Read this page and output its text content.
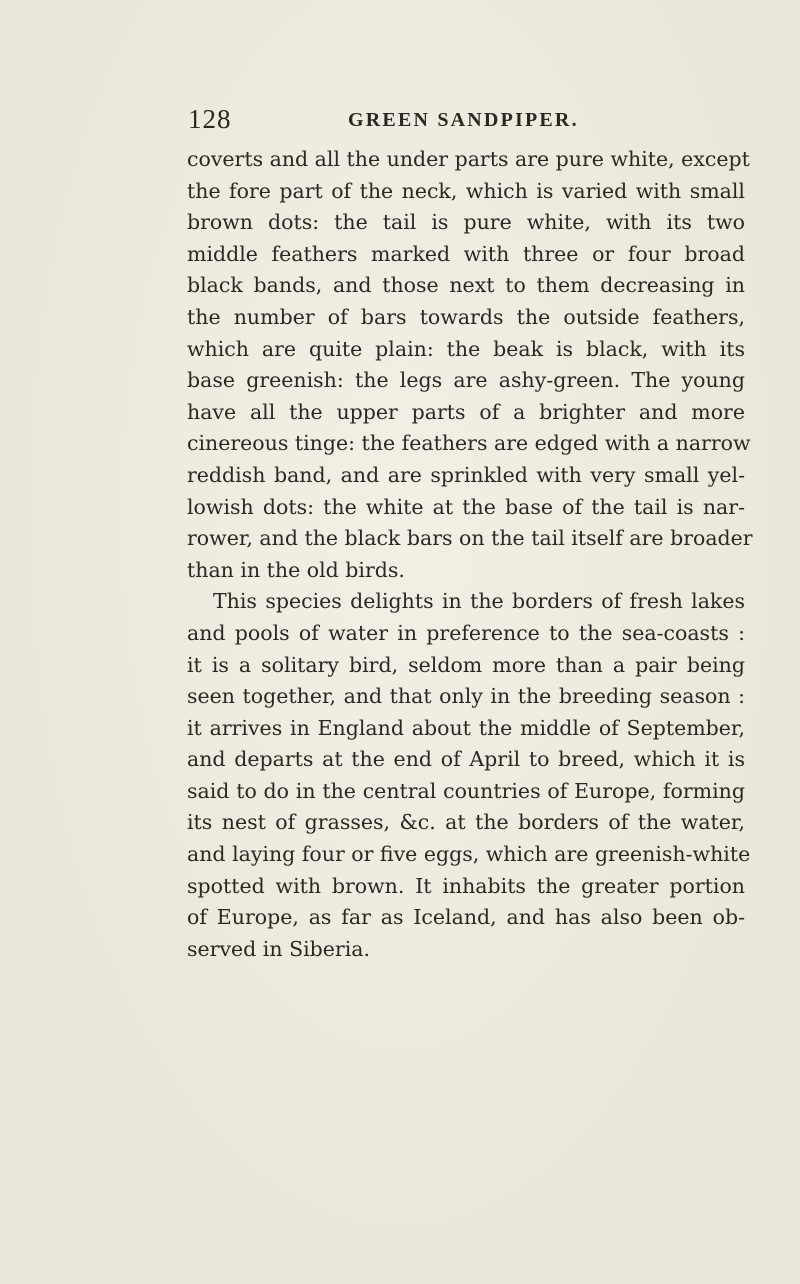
128	GREEN SANDPIPER.
coverts and all the under parts are pure white, except
the fore part of the neck, which is varied with small
brown dots: the tail is pure white, with its two
middle feathers marked with three or four broad
black bands, and those next to them decreasing in
the number of bars towards the outside feathers,
which are quite plain: the beak is black, with its
base greenish: the legs are ashy-green. The young
have all the upper parts of a brighter and more
cinereous tinge: the feathers are edged with a narrow
reddish band, and are sprinkled with very small yel-
lowish dots: the white at the base of the tail is nar-
rower, and the black bars on the tail itself are broader
than in the old birds.
This species delights in the borders of fresh lakes
and pools of water in preference to the sea-coasts :
it is a solitary bird, seldom more than a pair being
seen together, and that only in the breeding season :
it arrives in England about the middle of September,
and departs at the end of April to breed, which it is
said to do in the central countries of Europe, forming
its nest of grasses, &c. at the borders of the water,
and laying four or five eggs, which are greenish-white
spotted with brown. It inhabits the greater portion
of Europe, as far as Iceland, and has also been ob-
served in Siberia.
